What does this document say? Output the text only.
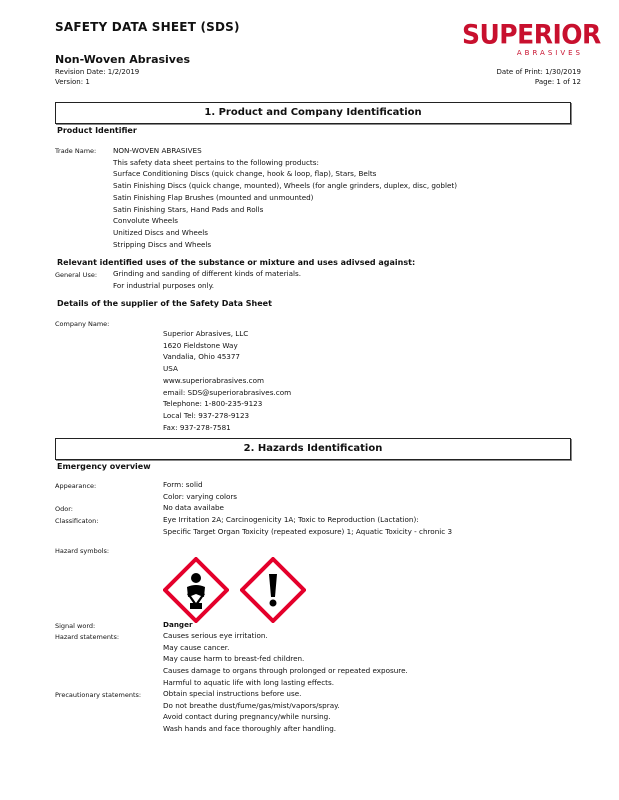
SAFETY DATA SHEET (SDS)
Non-Woven Abrasives
Revision Date: 1/2/2019
Version: 1
Date of Print: 1/30/2019
Page: 1 of 12
SUPERIOR
ABRASIVES
1. Product and Company Identification
Product Identifier
Trade Name: NON-WOVEN ABRASIVES
This safety data sheet pertains to the following products:
Surface Conditioning Discs (quick change, hook & loop, flap), Stars, Belts
Satin Finishing Discs (quick change, mounted), Wheels (for angle grinders, duplex, disc, goblet)
Satin Finishing Flap Brushes (mounted and unmounted)
Satin Finishing Stars, Hand Pads and Rolls
Convolute Wheels
Unitized Discs and Wheels
Stripping Discs and Wheels
Relevant identified uses of the substance or mixture and uses adivsed against:
General Use: Grinding and sanding of different kinds of materials.
For industrial purposes only.
Details of the supplier of the Safety Data Sheet
Company Name:
Superior Abrasives, LLC
1620 Fieldstone Way
Vandalia, Ohio 45377
USA
www.superiorabrasives.com
email: SDS@superiorabrasives.com
Telephone: 1-800-235-9123
Local Tel: 937-278-9123
Fax: 937-278-7581
2. Hazards Identification
Emergency overview
Appearance:	Form: solid
Color: varying colors
Odor:	No data availabe
Classificaton:	Eye Irritation 2A; Carcinogenicity 1A; Toxic to Reproduction (Lactation):
Specific Target Organ Toxicity (repeated exposure) 1; Aquatic Toxicity - chronic 3
Hazard symbols:
Signal word:	Danger
Hazard statements:	Causes serious eye irritation.
May cause cancer.
May cause harm to breast-fed children.
Causes damage to organs through prolonged or repeated exposure.
Harmful to aquatic life with long lasting effects.
Precautionary statements:	Obtain special instructions before use.
Do not breathe dust/fume/gas/mist/vapors/spray.
Avoid contact during pregnancy/while nursing.
Wash hands and face thoroughly after handling.
